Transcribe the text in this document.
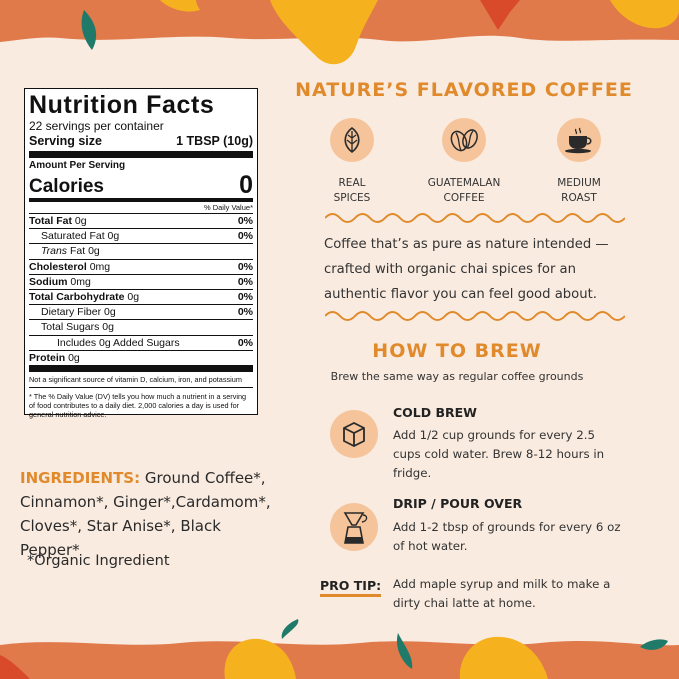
Nutrition Facts
22 servings per container
Serving size	1 TBSP (10g)
Amount Per Serving
Calories	0
% Daily Value*
Total Fat 0g	0%
Saturated Fat 0g	0%
Trans Fat 0g
Cholesterol 0mg	0%
Sodium 0mg	0%
Total Carbohydrate 0g	0%
Dietary Fiber 0g	0%
Total Sugars 0g
Includes 0g Added Sugars	0%
Protein 0g
Not a significant source of vitamin D, calcium, iron, and potassium
* The % Daily Value (DV) tells you how much a nutrient in a serving of food contributes to a daily diet. 2,000 calories a day is used for general nutrition advice.
INGREDIENTS: Ground Coffee*, Cinnamon*, Ginger*,Cardamom*, Cloves*, Star Anise*, Black Pepper*
*Organic Ingredient
NATURE’S FLAVORED COFFEE
REAL
SPICES
GUATEMALAN
COFFEE
MEDIUM
ROAST
Coffee that’s as pure as nature intended — crafted with organic chai spices for an authentic flavor you can feel good about.
HOW TO BREW
Brew the same way as regular coffee grounds
COLD BREW
Add 1/2 cup grounds for every 2.5 cups cold water. Brew 8-12 hours in fridge.
DRIP / POUR OVER
Add 1-2 tbsp of grounds for every 6 oz of hot water.
PRO TIP: Add maple syrup and milk to make a dirty chai latte at home.
